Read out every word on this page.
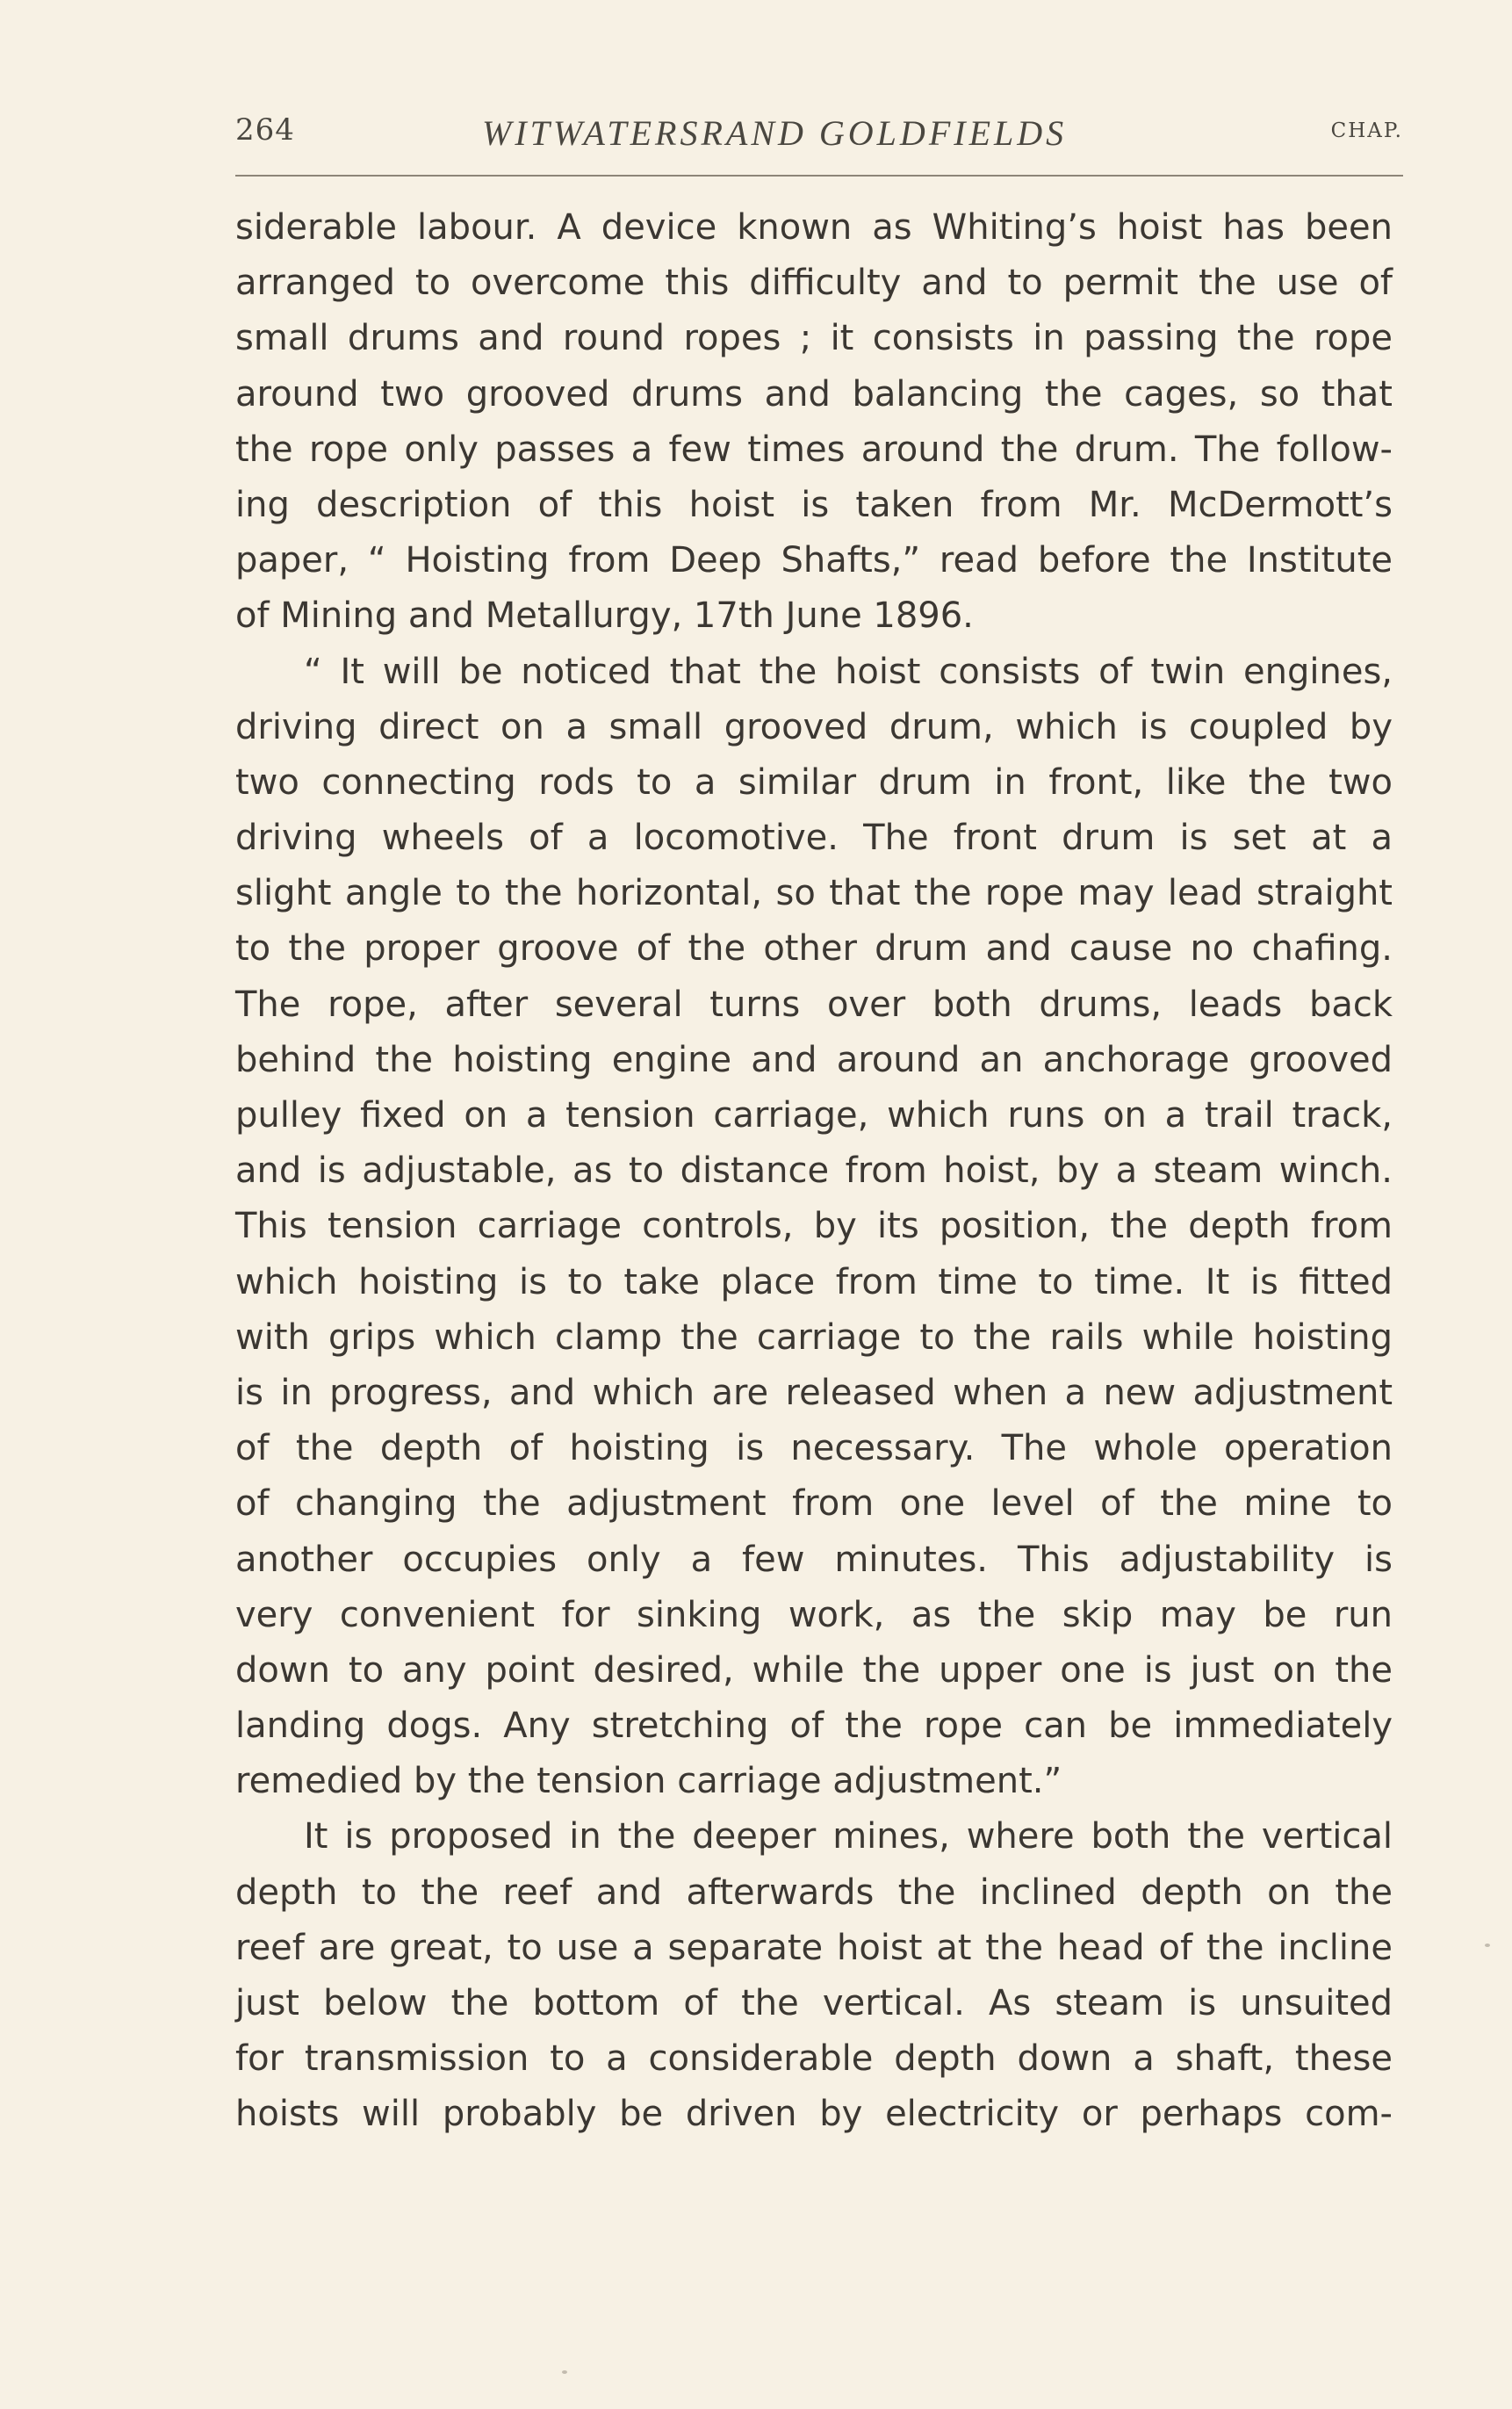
264	WITWATERSRAND GOLDFIELDS	CHAP.
siderable labour. A device known as Whiting’s hoist has been
arranged to overcome this difficulty and to permit the use of
small drums and round ropes ; it consists in passing the rope
around two grooved drums and balancing the cages, so that
the rope only passes a few times around the drum. The follow-
ing description of this hoist is taken from Mr. McDermott’s
paper, “ Hoisting from Deep Shafts,” read before the Institute
of Mining and Metallurgy, 17th June 1896.
“ It will be noticed that the hoist consists of twin engines,
driving direct on a small grooved drum, which is coupled by
two connecting rods to a similar drum in front, like the two
driving wheels of a locomotive. The front drum is set at a
slight angle to the horizontal, so that the rope may lead straight
to the proper groove of the other drum and cause no chafing.
The rope, after several turns over both drums, leads back
behind the hoisting engine and around an anchorage grooved
pulley fixed on a tension carriage, which runs on a trail track,
and is adjustable, as to distance from hoist, by a steam winch.
This tension carriage controls, by its position, the depth from
which hoisting is to take place from time to time. It is fitted
with grips which clamp the carriage to the rails while hoisting
is in progress, and which are released when a new adjustment
of the depth of hoisting is necessary. The whole operation
of changing the adjustment from one level of the mine to
another occupies only a few minutes. This adjustability is
very convenient for sinking work, as the skip may be run
down to any point desired, while the upper one is just on the
landing dogs. Any stretching of the rope can be immediately
remedied by the tension carriage adjustment.”
It is proposed in the deeper mines, where both the vertical
depth to the reef and afterwards the inclined depth on the
reef are great, to use a separate hoist at the head of the incline
just below the bottom of the vertical. As steam is unsuited
for transmission to a considerable depth down a shaft, these
hoists will probably be driven by electricity or perhaps com-
